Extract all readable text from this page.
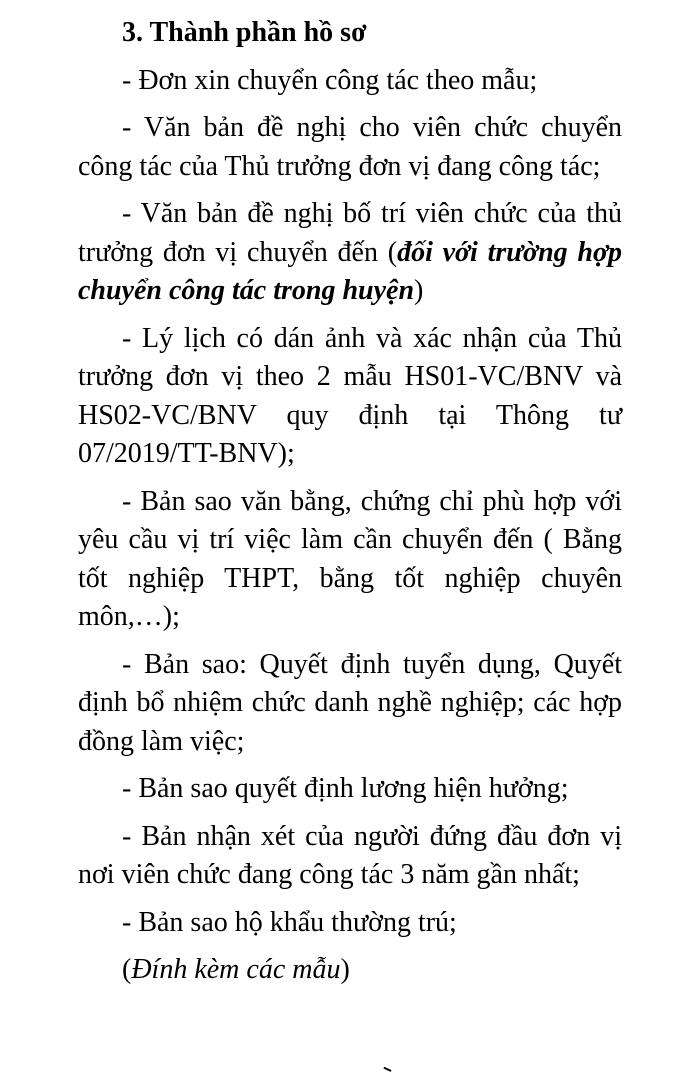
3. Thành phần hồ sơ

- Đơn xin chuyển công tác theo mẫu;

- Văn bản đề nghị cho viên chức chuyển công tác của Thủ trưởng đơn vị đang công tác;

- Văn bản đề nghị bố trí viên chức của thủ trưởng đơn vị chuyển đến (đối với trường hợp chuyển công tác trong huyện)

- Lý lịch có dán ảnh và xác nhận của Thủ trưởng đơn vị theo 2 mẫu HS01-VC/BNV và HS02-VC/BNV quy định tại Thông tư 07/2019/TT-BNV);

- Bản sao văn bằng, chứng chỉ phù hợp với yêu cầu vị trí việc làm cần chuyển đến ( Bằng tốt nghiệp THPT, bằng tốt nghiệp chuyên môn,…);

- Bản sao: Quyết định tuyển dụng, Quyết định bổ nhiệm chức danh nghề nghiệp; các hợp đồng làm việc;

- Bản sao quyết định lương hiện hưởng;

- Bản nhận xét của người đứng đầu đơn vị nơi viên chức đang công tác 3 năm gần nhất;

- Bản sao hộ khẩu thường trú;

(Đính kèm các mẫu)
